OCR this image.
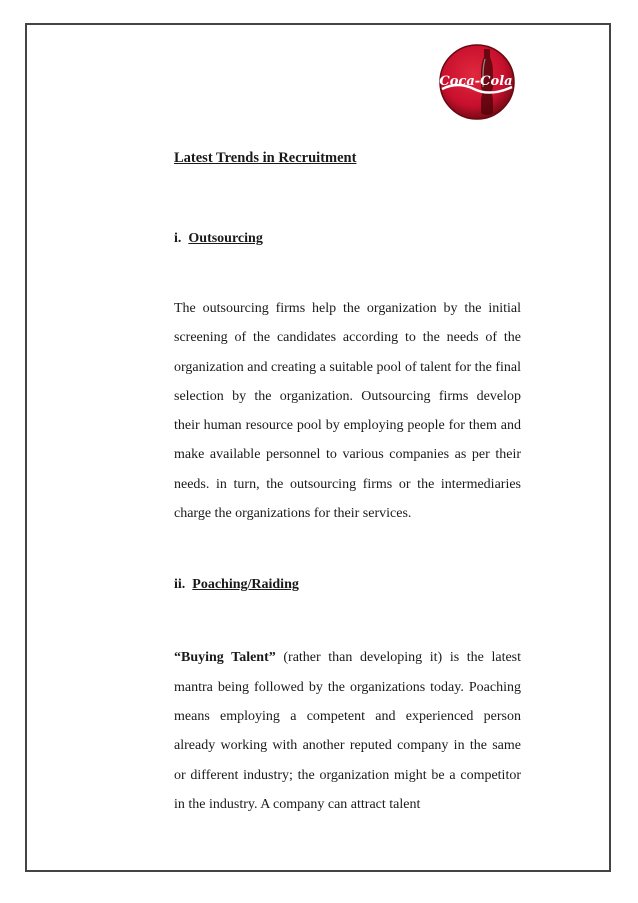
Coca-Cola
Latest Trends in Recruitment
i. Outsourcing

The outsourcing firms help the organization by the initial screening of the candidates according to the needs of the organization and creating a suitable pool of talent for the final selection by the organization. Outsourcing firms develop their human resource pool by employing people for them and make available personnel to various companies as per their needs. in turn, the outsourcing firms or the intermediaries charge the organizations for their services.

ii. Poaching/Raiding

“Buying Talent” (rather than developing it) is the latest mantra being followed by the organizations today. Poaching means employing a competent and experienced person already working with another reputed company in the same or different industry; the organization might be a competitor in the industry. A company can attract talent
